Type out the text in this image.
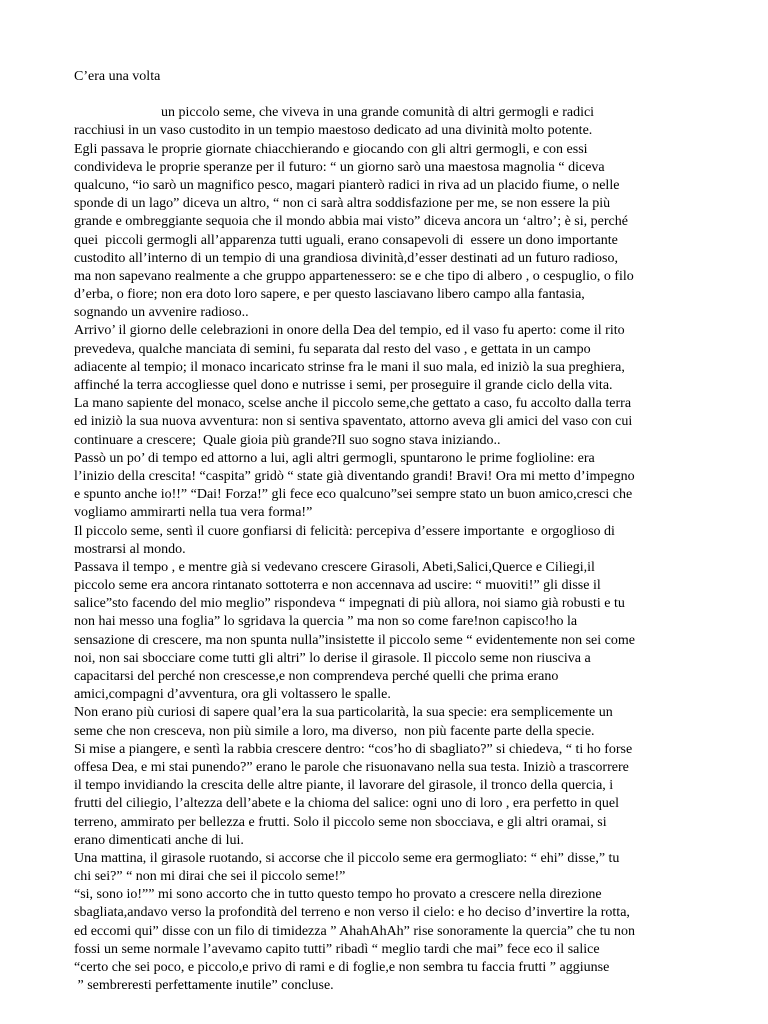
C’era una volta
un piccolo seme, che viveva in una grande comunità di altri germogli e radici
racchiusi in un vaso custodito in un tempio maestoso dedicato ad una divinità molto potente.
Egli passava le proprie giornate chiacchierando e giocando con gli altri germogli, e con essi
condivideva le proprie speranze per il futuro: “ un giorno sarò una maestosa magnolia “ diceva
qualcuno, “io sarò un magnifico pesco, magari pianterò radici in riva ad un placido fiume, o nelle
sponde di un lago” diceva un altro, “ non ci sarà altra soddisfazione per me, se non essere la più
grande e ombreggiante sequoia che il mondo abbia mai visto” diceva ancora un ‘altro’; è si, perché
quei  piccoli germogli all’apparenza tutti uguali, erano consapevoli di  essere un dono importante
custodito all’interno di un tempio di una grandiosa divinità,d’esser destinati ad un futuro radioso,
ma non sapevano realmente a che gruppo appartenessero: se e che tipo di albero , o cespuglio, o filo
d’erba, o fiore; non era doto loro sapere, e per questo lasciavano libero campo alla fantasia,
sognando un avvenire radioso..
Arrivo’ il giorno delle celebrazioni in onore della Dea del tempio, ed il vaso fu aperto: come il rito
prevedeva, qualche manciata di semini, fu separata dal resto del vaso , e gettata in un campo
adiacente al tempio; il monaco incaricato strinse fra le mani il suo mala, ed iniziò la sua preghiera,
affinché la terra accogliesse quel dono e nutrisse i semi, per proseguire il grande ciclo della vita.
La mano sapiente del monaco, scelse anche il piccolo seme,che gettato a caso, fu accolto dalla terra
ed iniziò la sua nuova avventura: non si sentiva spaventato, attorno aveva gli amici del vaso con cui
continuare a crescere;  Quale gioia più grande?Il suo sogno stava iniziando..
Passò un po’ di tempo ed attorno a lui, agli altri germogli, spuntarono le prime foglioline: era
l’inizio della crescita! “caspita” gridò “ state già diventando grandi! Bravi! Ora mi metto d’impegno
e spunto anche io!!” “Dai! Forza!” gli fece eco qualcuno”sei sempre stato un buon amico,cresci che
vogliamo ammirarti nella tua vera forma!”
Il piccolo seme, sentì il cuore gonfiarsi di felicità: percepiva d’essere importante  e orgoglioso di
mostrarsi al mondo.
Passava il tempo , e mentre già si vedevano crescere Girasoli, Abeti,Salici,Querce e Ciliegi,il
piccolo seme era ancora rintanato sottoterra e non accennava ad uscire: “ muoviti!” gli disse il
salice”sto facendo del mio meglio” rispondeva “ impegnati di più allora, noi siamo già robusti e tu
non hai messo una foglia” lo sgridava la quercia ” ma non so come fare!non capisco!ho la
sensazione di crescere, ma non spunta nulla”insistette il piccolo seme “ evidentemente non sei come
noi, non sai sbocciare come tutti gli altri” lo derise il girasole. Il piccolo seme non riusciva a
capacitarsi del perché non crescesse,e non comprendeva perché quelli che prima erano
amici,compagni d’avventura, ora gli voltassero le spalle.
Non erano più curiosi di sapere qual’era la sua particolarità, la sua specie: era semplicemente un
seme che non cresceva, non più simile a loro, ma diverso,  non più facente parte della specie.
Si mise a piangere, e sentì la rabbia crescere dentro: “cos’ho di sbagliato?” si chiedeva, “ ti ho forse
offesa Dea, e mi stai punendo?” erano le parole che risuonavano nella sua testa. Iniziò a trascorrere
il tempo invidiando la crescita delle altre piante, il lavorare del girasole, il tronco della quercia, i
frutti del ciliegio, l’altezza dell’abete e la chioma del salice: ogni uno di loro , era perfetto in quel
terreno, ammirato per bellezza e frutti. Solo il piccolo seme non sbocciava, e gli altri oramai, si
erano dimenticati anche di lui.
Una mattina, il girasole ruotando, si accorse che il piccolo seme era germogliato: “ ehi” disse,” tu
chi sei?” “ non mi dirai che sei il piccolo seme!”
“si, sono io!”” mi sono accorto che in tutto questo tempo ho provato a crescere nella direzione
sbagliata,andavo verso la profondità del terreno e non verso il cielo: e ho deciso d’invertire la rotta,
ed eccomi qui” disse con un filo di timidezza ” AhahAhAh” rise sonoramente la quercia” che tu non
fossi un seme normale l’avevamo capito tutti” ribadì “ meglio tardi che mai” fece eco il salice
“certo che sei poco, e piccolo,e privo di rami e di foglie,e non sembra tu faccia frutti ” aggiunse
” sembreresti perfettamente inutile” concluse.
